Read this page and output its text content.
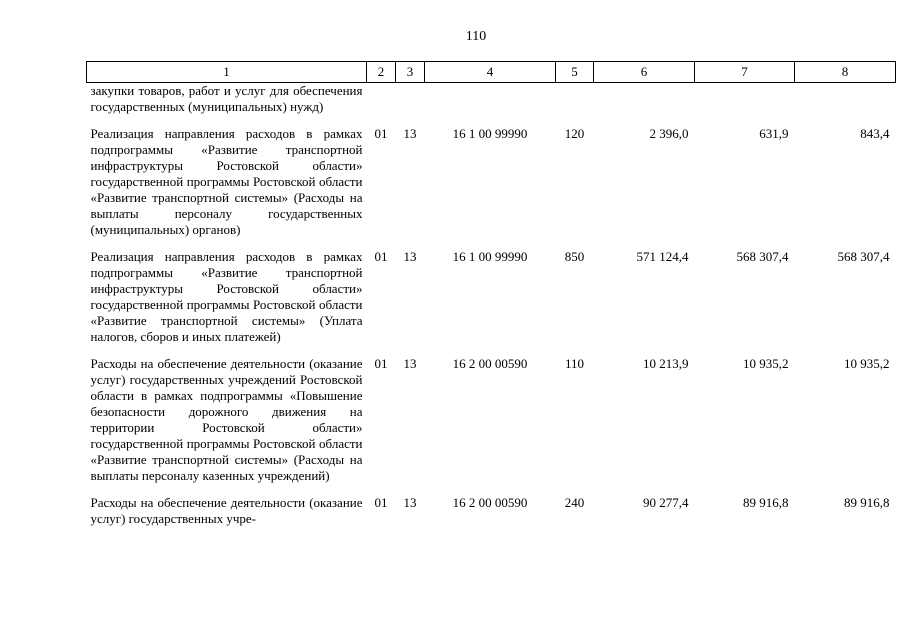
110
1	2	3	4	5	6	7	8
закупки товаров, работ и услуг для обеспечения государственных (муниципальных) нужд)							
Реализация направления расходов в рамках подпрограммы «Развитие транспортной инфраструктуры Ростовской области» государственной программы Ростовской области «Развитие транспортной системы» (Расходы на выплаты персоналу государственных (муниципальных) органов)	01	13	16 1 00 99990	120	2 396,0	631,9	843,4
Реализация направления расходов в рамках подпрограммы «Развитие транспортной инфраструктуры Ростовской области» государственной программы Ростовской области «Развитие транспортной системы» (Уплата налогов, сборов и иных платежей)	01	13	16 1 00 99990	850	571 124,4	568 307,4	568 307,4
Расходы на обеспечение деятельности (оказание услуг) государственных учреждений Ростовской области в рамках подпрограммы «Повышение безопасности дорожного движения на территории Ростовской области» государственной программы Ростовской области «Развитие транспортной системы» (Расходы на выплаты персоналу казенных учреждений)	01	13	16 2 00 00590	110	10 213,9	10 935,2	10 935,2
Расходы на обеспечение деятельности (оказание услуг) государственных учре-	01	13	16 2 00 00590	240	90 277,4	89 916,8	89 916,8
